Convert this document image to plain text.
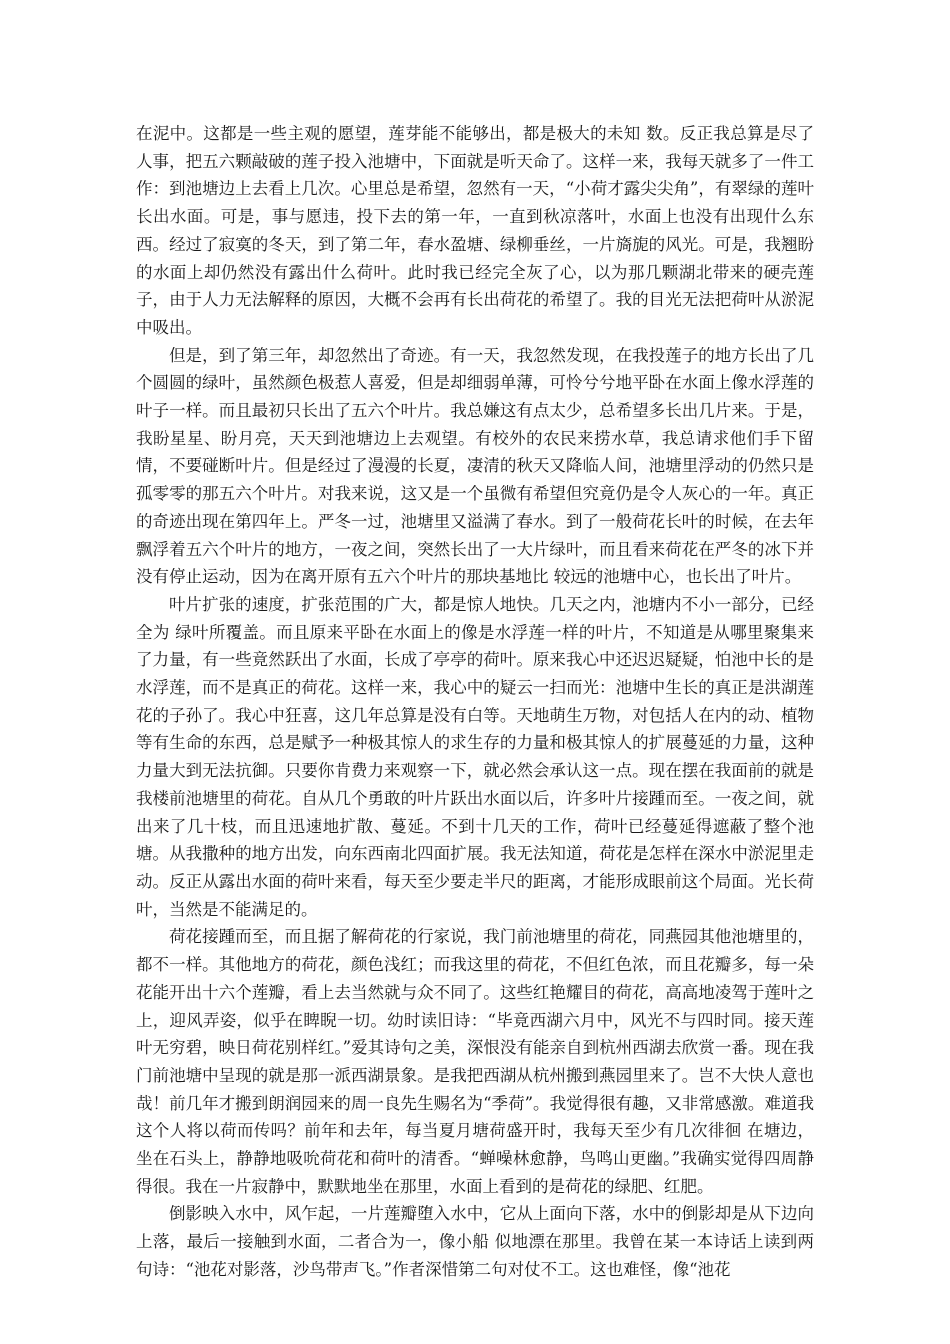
在泥中。这都是一些主观的愿望，莲芽能不能够出，都是极大的未知 数。反正我总算是尽了人事，把五六颗敲破的莲子投入池塘中，下面就是听天命了。这样一来，我每天就多了一件工作：到池塘边上去看上几次。心里总是希望，忽然有一天，“小荷才露尖尖角”，有翠绿的莲叶长出水面。可是，事与愿违，投下去的第一年，一直到秋凉落叶，水面上也没有出现什么东西。经过了寂寞的冬天，到了第二年，春水盈塘、绿柳垂丝，一片旖旎的风光。可是，我翘盼的水面上却仍然没有露出什么荷叶。此时我已经完全灰了心，以为那几颗湖北带来的硬壳莲子，由于人力无法解释的原因，大概不会再有长出荷花的希望了。我的目光无法把荷叶从淤泥中吸出。

但是，到了第三年，却忽然出了奇迹。有一天，我忽然发现，在我投莲子的地方长出了几个圆圆的绿叶，虽然颜色极惹人喜爱，但是却细弱单薄，可怜兮兮地平卧在水面上像水浮莲的叶子一样。而且最初只长出了五六个叶片。我总嫌这有点太少，总希望多长出几片来。于是，我盼星星、盼月亮，天天到池塘边上去观望。有校外的农民来捞水草，我总请求他们手下留情，不要碰断叶片。但是经过了漫漫的长夏，凄清的秋天又降临人间，池塘里浮动的仍然只是孤零零的那五六个叶片。对我来说，这又是一个虽微有希望但究竟仍是令人灰心的一年。真正的奇迹出现在第四年上。严冬一过，池塘里又溢满了春水。到了一般荷花长叶的时候，在去年飘浮着五六个叶片的地方，一夜之间，突然长出了一大片绿叶，而且看来荷花在严冬的冰下并没有停止运动，因为在离开原有五六个叶片的那块基地比 较远的池塘中心，也长出了叶片。

叶片扩张的速度，扩张范围的广大，都是惊人地快。几天之内，池塘内不小一部分，已经全为 绿叶所覆盖。而且原来平卧在水面上的像是水浮莲一样的叶片，不知道是从哪里聚集来了力量，有一些竟然跃出了水面，长成了亭亭的荷叶。原来我心中还迟迟疑疑，怕池中长的是水浮莲，而不是真正的荷花。这样一来，我心中的疑云一扫而光：池塘中生长的真正是洪湖莲花的子孙了。我心中狂喜，这几年总算是没有白等。天地萌生万物，对包括人在内的动、植物等有生命的东西，总是赋予一种极其惊人的求生存的力量和极其惊人的扩展蔓延的力量，这种力量大到无法抗御。只要你肯费力来观察一下，就必然会承认这一点。现在摆在我面前的就是我楼前池塘里的荷花。自从几个勇敢的叶片跃出水面以后，许多叶片接踵而至。一夜之间，就出来了几十枝，而且迅速地扩散、蔓延。不到十几天的工作，荷叶已经蔓延得遮蔽了整个池塘。从我撒种的地方出发，向东西南北四面扩展。我无法知道，荷花是怎样在深水中淤泥里走动。反正从露出水面的荷叶来看，每天至少要走半尺的距离，才能形成眼前这个局面。光长荷叶，当然是不能满足的。

荷花接踵而至，而且据了解荷花的行家说，我门前池塘里的荷花，同燕园其他池塘里的，都不一样。其他地方的荷花，颜色浅红；而我这里的荷花，不但红色浓，而且花瓣多，每一朵花能开出十六个莲瓣，看上去当然就与众不同了。这些红艳耀目的荷花，高高地凌驾于莲叶之上，迎风弄姿，似乎在睥睨一切。幼时读旧诗：“毕竟西湖六月中，风光不与四时同。接天莲叶无穷碧，映日荷花别样红。”爱其诗句之美，深恨没有能亲自到杭州西湖去欣赏一番。现在我门前池塘中呈现的就是那一派西湖景象。是我把西湖从杭州搬到燕园里来了。岂不大快人意也哉！前几年才搬到朗润园来的周一良先生赐名为“季荷”。我觉得很有趣，又非常感激。难道我这个人将以荷而传吗？前年和去年，每当夏月塘荷盛开时，我每天至少有几次徘徊 在塘边，坐在石头上，静静地吸吮荷花和荷叶的清香。“蝉噪林愈静，鸟鸣山更幽。”我确实觉得四周静得很。我在一片寂静中，默默地坐在那里，水面上看到的是荷花的绿肥、红肥。

倒影映入水中，风乍起，一片莲瓣堕入水中，它从上面向下落，水中的倒影却是从下边向上落，最后一接触到水面，二者合为一，像小船 似地漂在那里。我曾在某一本诗话上读到两句诗：“池花对影落，沙鸟带声飞。”作者深惜第二句对仗不工。这也难怪，像“池花
